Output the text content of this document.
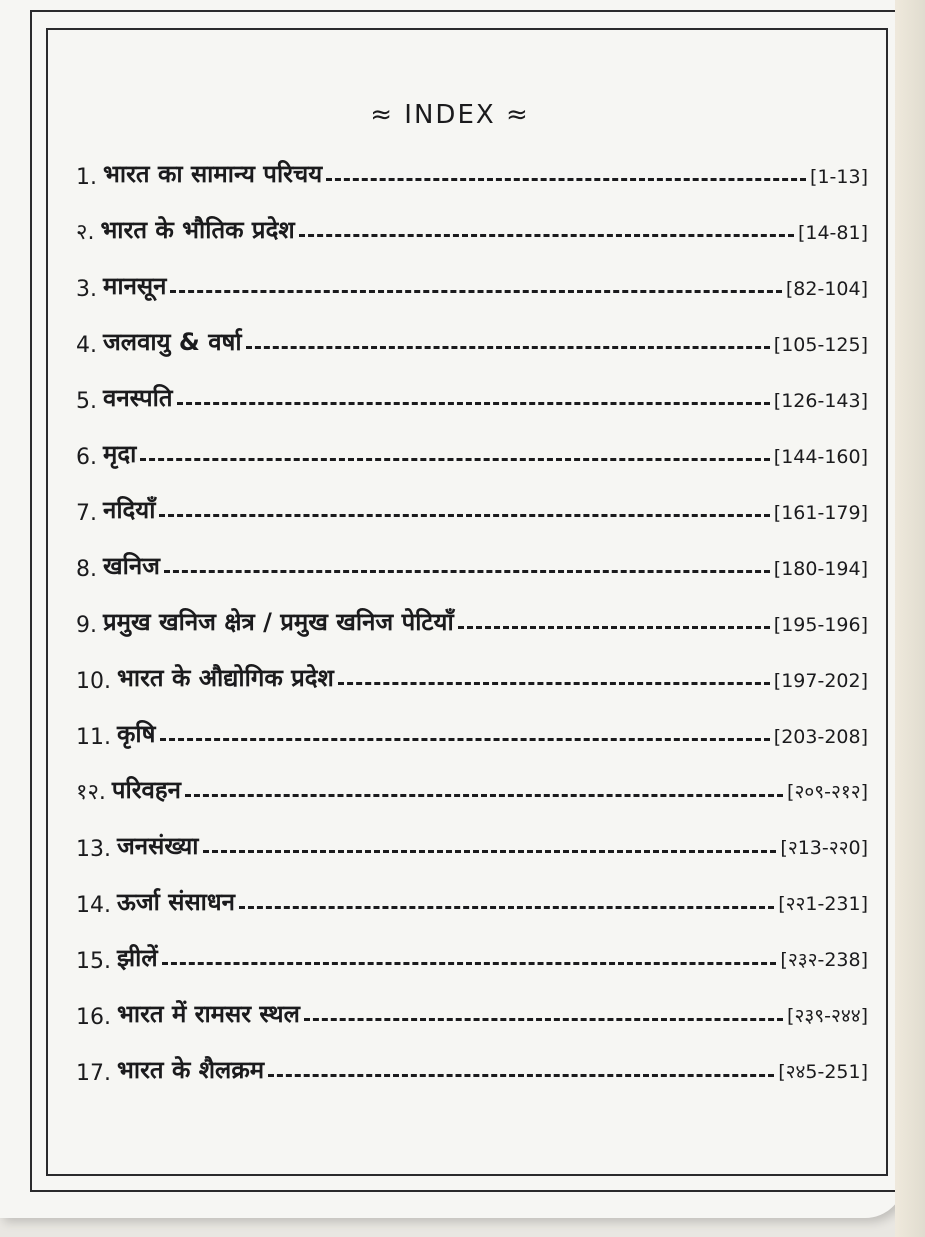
≈ INDEX ≈
1. भारत का सामान्य परिचय	[1-13]
२. भारत के भौतिक प्रदेश	[14-81]
3. मानसून	[82-104]
4. जलवायु & वर्षा	[105-125]
5. वनस्पति	[126-143]
6. मृदा	[144-160]
7. नदियाँ	[161-179]
8. खनिज	[180-194]
9. प्रमुख खनिज क्षेत्र / प्रमुख खनिज पेटियाँ	[195-196]
10. भारत के औद्योगिक प्रदेश	[197-202]
11. कृषि	[203-208]
१२. परिवहन	[२०९-२१२]
13. जनसंख्या	[२13-२२0]
14. ऊर्जा संसाधन	[२२1-231]
15. झीलें	[२३२-238]
16. भारत में रामसर स्थल	[२३९-२४४]
17. भारत के शैलक्रम	[२४5-251]
